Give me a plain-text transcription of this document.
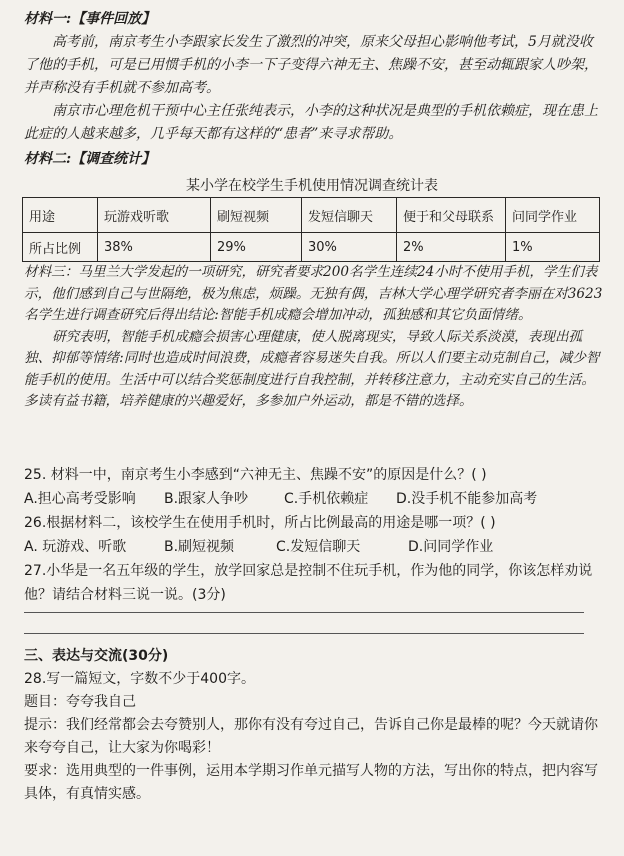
材料一:【事件回放】

高考前，南京考生小李跟家长发生了激烈的冲突，原来父母担心影响他考试，5月就没收了他的手机，可是已用惯手机的小李一下子变得六神无主、焦躁不安，甚至动辄跟家人吵架，并声称没有手机就不参加高考。

南京市心理危机干预中心主任张纯表示，小李的这种状况是典型的手机依赖症，现在患上此症的人越来越多，几乎每天都有这样的“患者”来寻求帮助。

材料二:【调查统计】
某小学在校学生手机使用情况调查统计表
用途	玩游戏听歌	刷短视频	发短信聊天	便于和父母联系	问同学作业
所占比例	38%	29%	30%	2%	1%

材料三：马里兰大学发起的一项研究，研究者要求200名学生连续24小时不使用手机，学生们表示，他们感到自己与世隔绝，极为焦虑，烦躁。无独有偶，吉林大学心理学研究者李丽在对3623名学生进行调查研究后得出结论:智能手机成瘾会增加冲动，孤独感和其它负面情绪。

研究表明，智能手机成瘾会损害心理健康，使人脱离现实，导致人际关系淡漠，表现出孤独、抑郁等情绪:同时也造成时间浪费，成瘾者容易迷失自我。所以人们要主动克制自己，减少智能手机的使用。生活中可以结合奖惩制度进行自我控制，并转移注意力，主动充实自己的生活。多读有益书籍，培养健康的兴趣爱好，多参加户外运动，都是不错的选择。

25. 材料一中，南京考生小李感到“六神无主、焦躁不安”的原因是什么？( )

A.担心高考受影响	B.跟家人争吵	C.手机依赖症	D.没手机不能参加高考

26.根据材料二，该校学生在使用手机时，所占比例最高的用途是哪一项？( )

A. 玩游戏、听歌	B.刷短视频	C.发短信聊天	D.问同学作业

27.小华是一名五年级的学生，放学回家总是控制不住玩手机，作为他的同学，你该怎样劝说他？请结合材料三说一说。(3分)

三、表达与交流(30分)

28.写一篇短文，字数不少于400字。

题目：夸夸我自己

提示：我们经常都会去夸赞别人，那你有没有夸过自己，告诉自己你是最棒的呢？今天就请你来夸夸自己，让大家为你喝彩！

要求：选用典型的一件事例，运用本学期习作单元描写人物的方法，写出你的特点，把内容写具体，有真情实感。
